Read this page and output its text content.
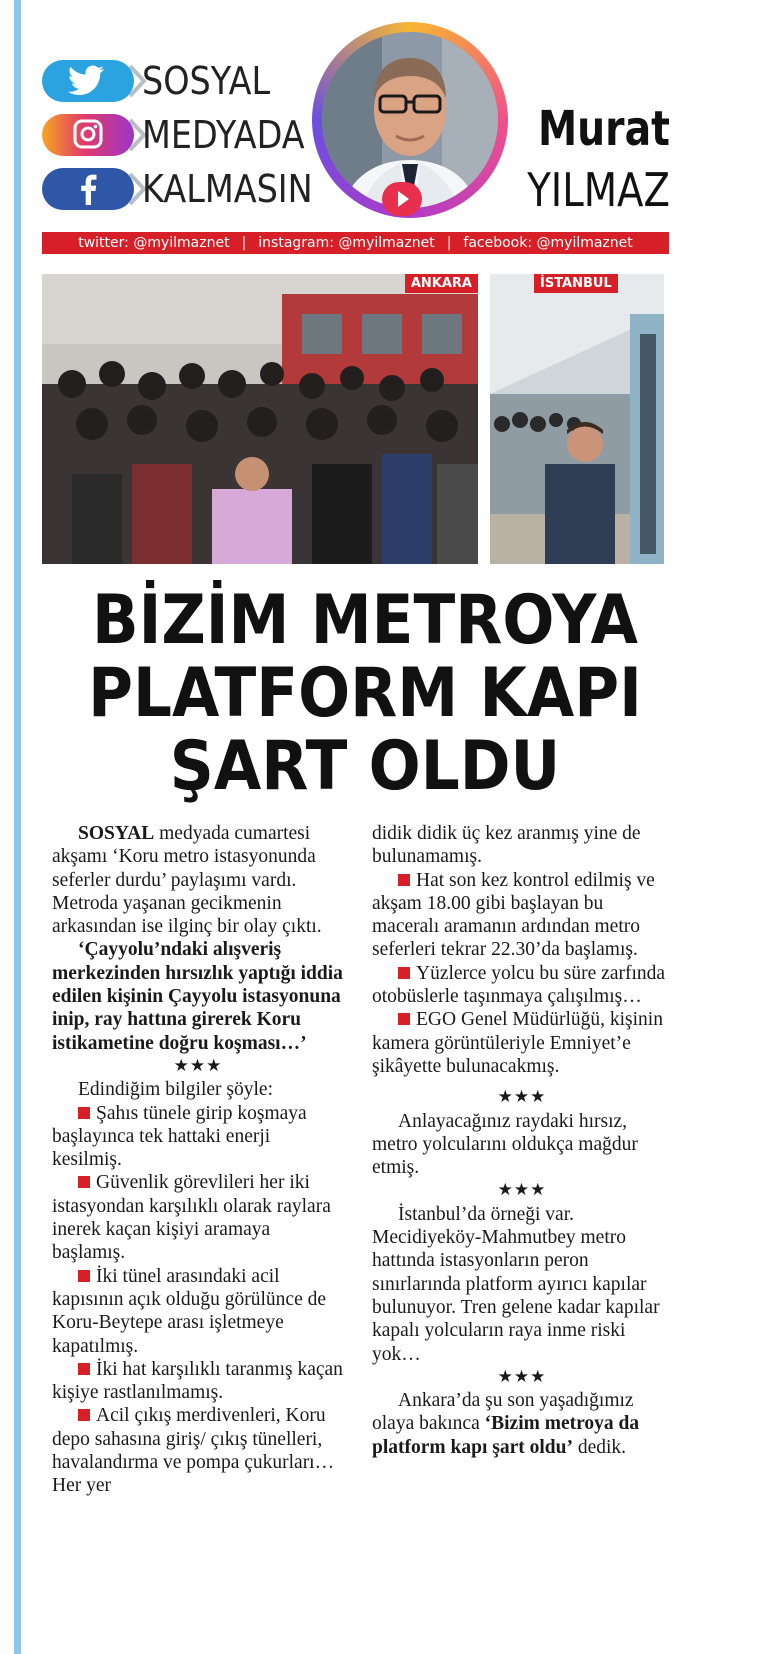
SOSYAL
MEDYADA
KALMASIN
Murat
YILMAZ
twitter: @myilmaznet | instagram: @myilmaznet | facebook: @myilmaznet
ANKARA	İSTANBUL
BİZİM METROYA
PLATFORM KAPI
ŞART OLDU

SOSYAL medyada cumartesi akşamı ‘Koru metro istasyonunda seferler durdu’ paylaşımı vardı. Metroda yaşanan gecikmenin arkasından ise ilginç bir olay çıktı.

‘Çayyolu’ndaki alışveriş merkezinden hırsızlık yaptığı iddia edilen kişinin Çayyolu istasyonuna inip, ray hattına girerek Koru istikametine doğru koşması…’

★★★

Edindiğim bilgiler şöyle:

Şahıs tünele girip koşmaya başlayınca tek hattaki enerji kesilmiş.

Güvenlik görevlileri her iki istasyondan karşılıklı olarak raylara inerek kaçan kişiyi aramaya başlamış.

İki tünel arasındaki acil kapısının açık olduğu görülünce de Koru-Beytepe arası işletmeye kapatılmış.

İki hat karşılıklı taranmış kaçan kişiye rastlanılmamış.

Acil çıkış merdivenleri, Koru depo sahasına giriş/ çıkış tünelleri, havalandırma ve pompa çukurları… Her yer

didik didik üç kez aranmış yine de bulunamamış.

Hat son kez kontrol edilmiş ve akşam 18.00 gibi başlayan bu maceralı aramanın ardından metro seferleri tekrar 22.30’da başlamış.

Yüzlerce yolcu bu süre zarfında otobüslerle taşınmaya çalışılmış…

EGO Genel Müdürlüğü, kişinin kamera görüntüleriyle Emniyet’e şikâyette bulunacakmış.

★★★

Anlayacağınız raydaki hırsız, metro yolcularını oldukça mağdur etmiş.

★★★

İstanbul’da örneği var. Mecidiyeköy-Mahmutbey metro hattında istasyonların peron sınırlarında platform ayırıcı kapılar bulunuyor. Tren gelene kadar kapılar kapalı yolcuların raya inme riski yok…

★★★

Ankara’da şu son yaşadığımız olaya bakınca ‘Bizim metroya da platform kapı şart oldu’ dedik.
